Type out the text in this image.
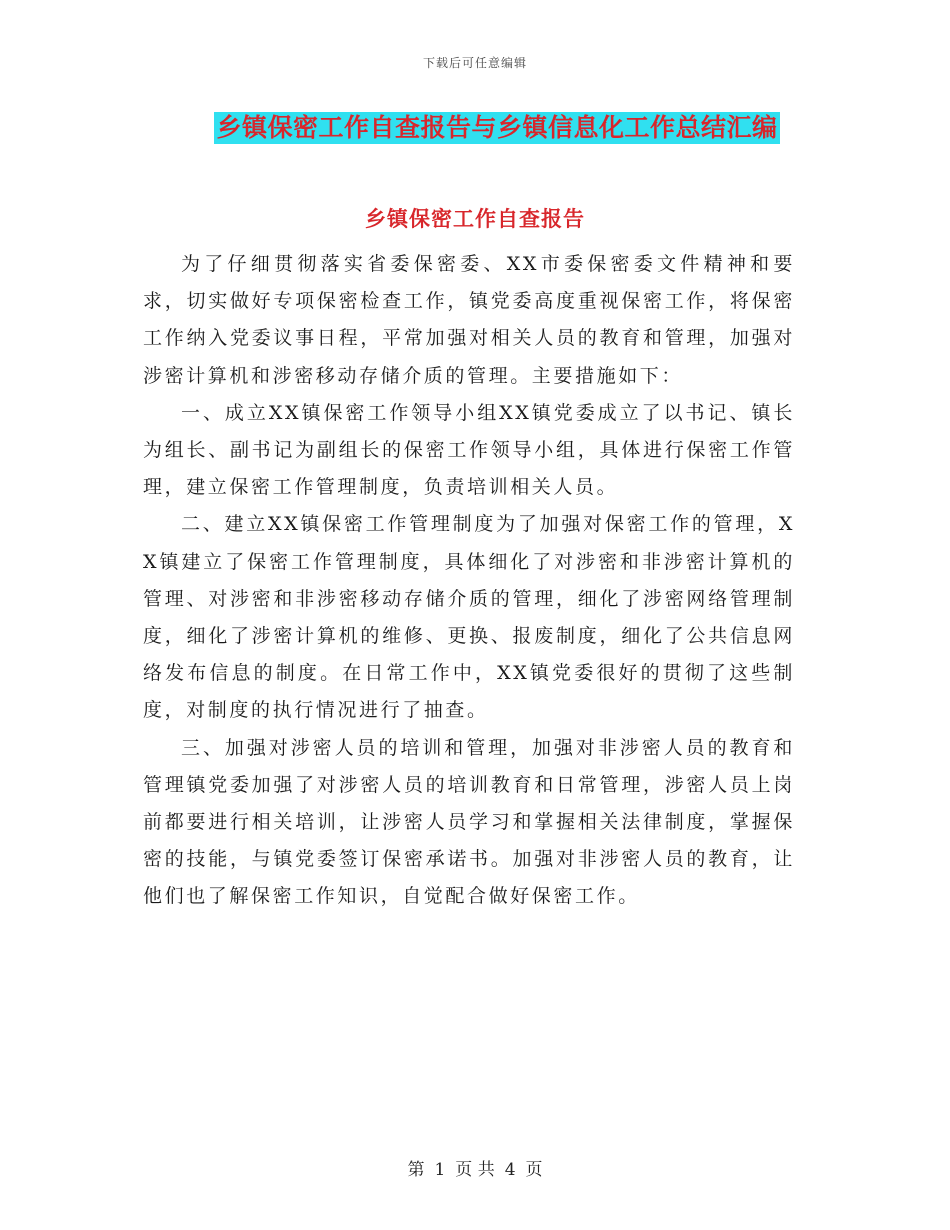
下载后可任意编辑
乡镇保密工作自查报告与乡镇信息化工作总结汇编
乡镇保密工作自查报告

为了仔细贯彻落实省委保密委、XX市委保密委文件精神和要求，切实做好专项保密检查工作，镇党委高度重视保密工作，将保密工作纳入党委议事日程，平常加强对相关人员的教育和管理，加强对涉密计算机和涉密移动存储介质的管理。主要措施如下：

一、成立XX镇保密工作领导小组XX镇党委成立了以书记、镇长为组长、副书记为副组长的保密工作领导小组，具体进行保密工作管理，建立保密工作管理制度，负责培训相关人员。

二、建立XX镇保密工作管理制度为了加强对保密工作的管理，XX镇建立了保密工作管理制度，具体细化了对涉密和非涉密计算机的管理、对涉密和非涉密移动存储介质的管理，细化了涉密网络管理制度，细化了涉密计算机的维修、更换、报废制度，细化了公共信息网络发布信息的制度。在日常工作中，XX镇党委很好的贯彻了这些制度，对制度的执行情况进行了抽查。

三、加强对涉密人员的培训和管理，加强对非涉密人员的教育和管理镇党委加强了对涉密人员的培训教育和日常管理，涉密人员上岗前都要进行相关培训，让涉密人员学习和掌握相关法律制度，掌握保密的技能，与镇党委签订保密承诺书。加强对非涉密人员的教育，让他们也了解保密工作知识，自觉配合做好保密工作。

第 1 页 共 4 页
